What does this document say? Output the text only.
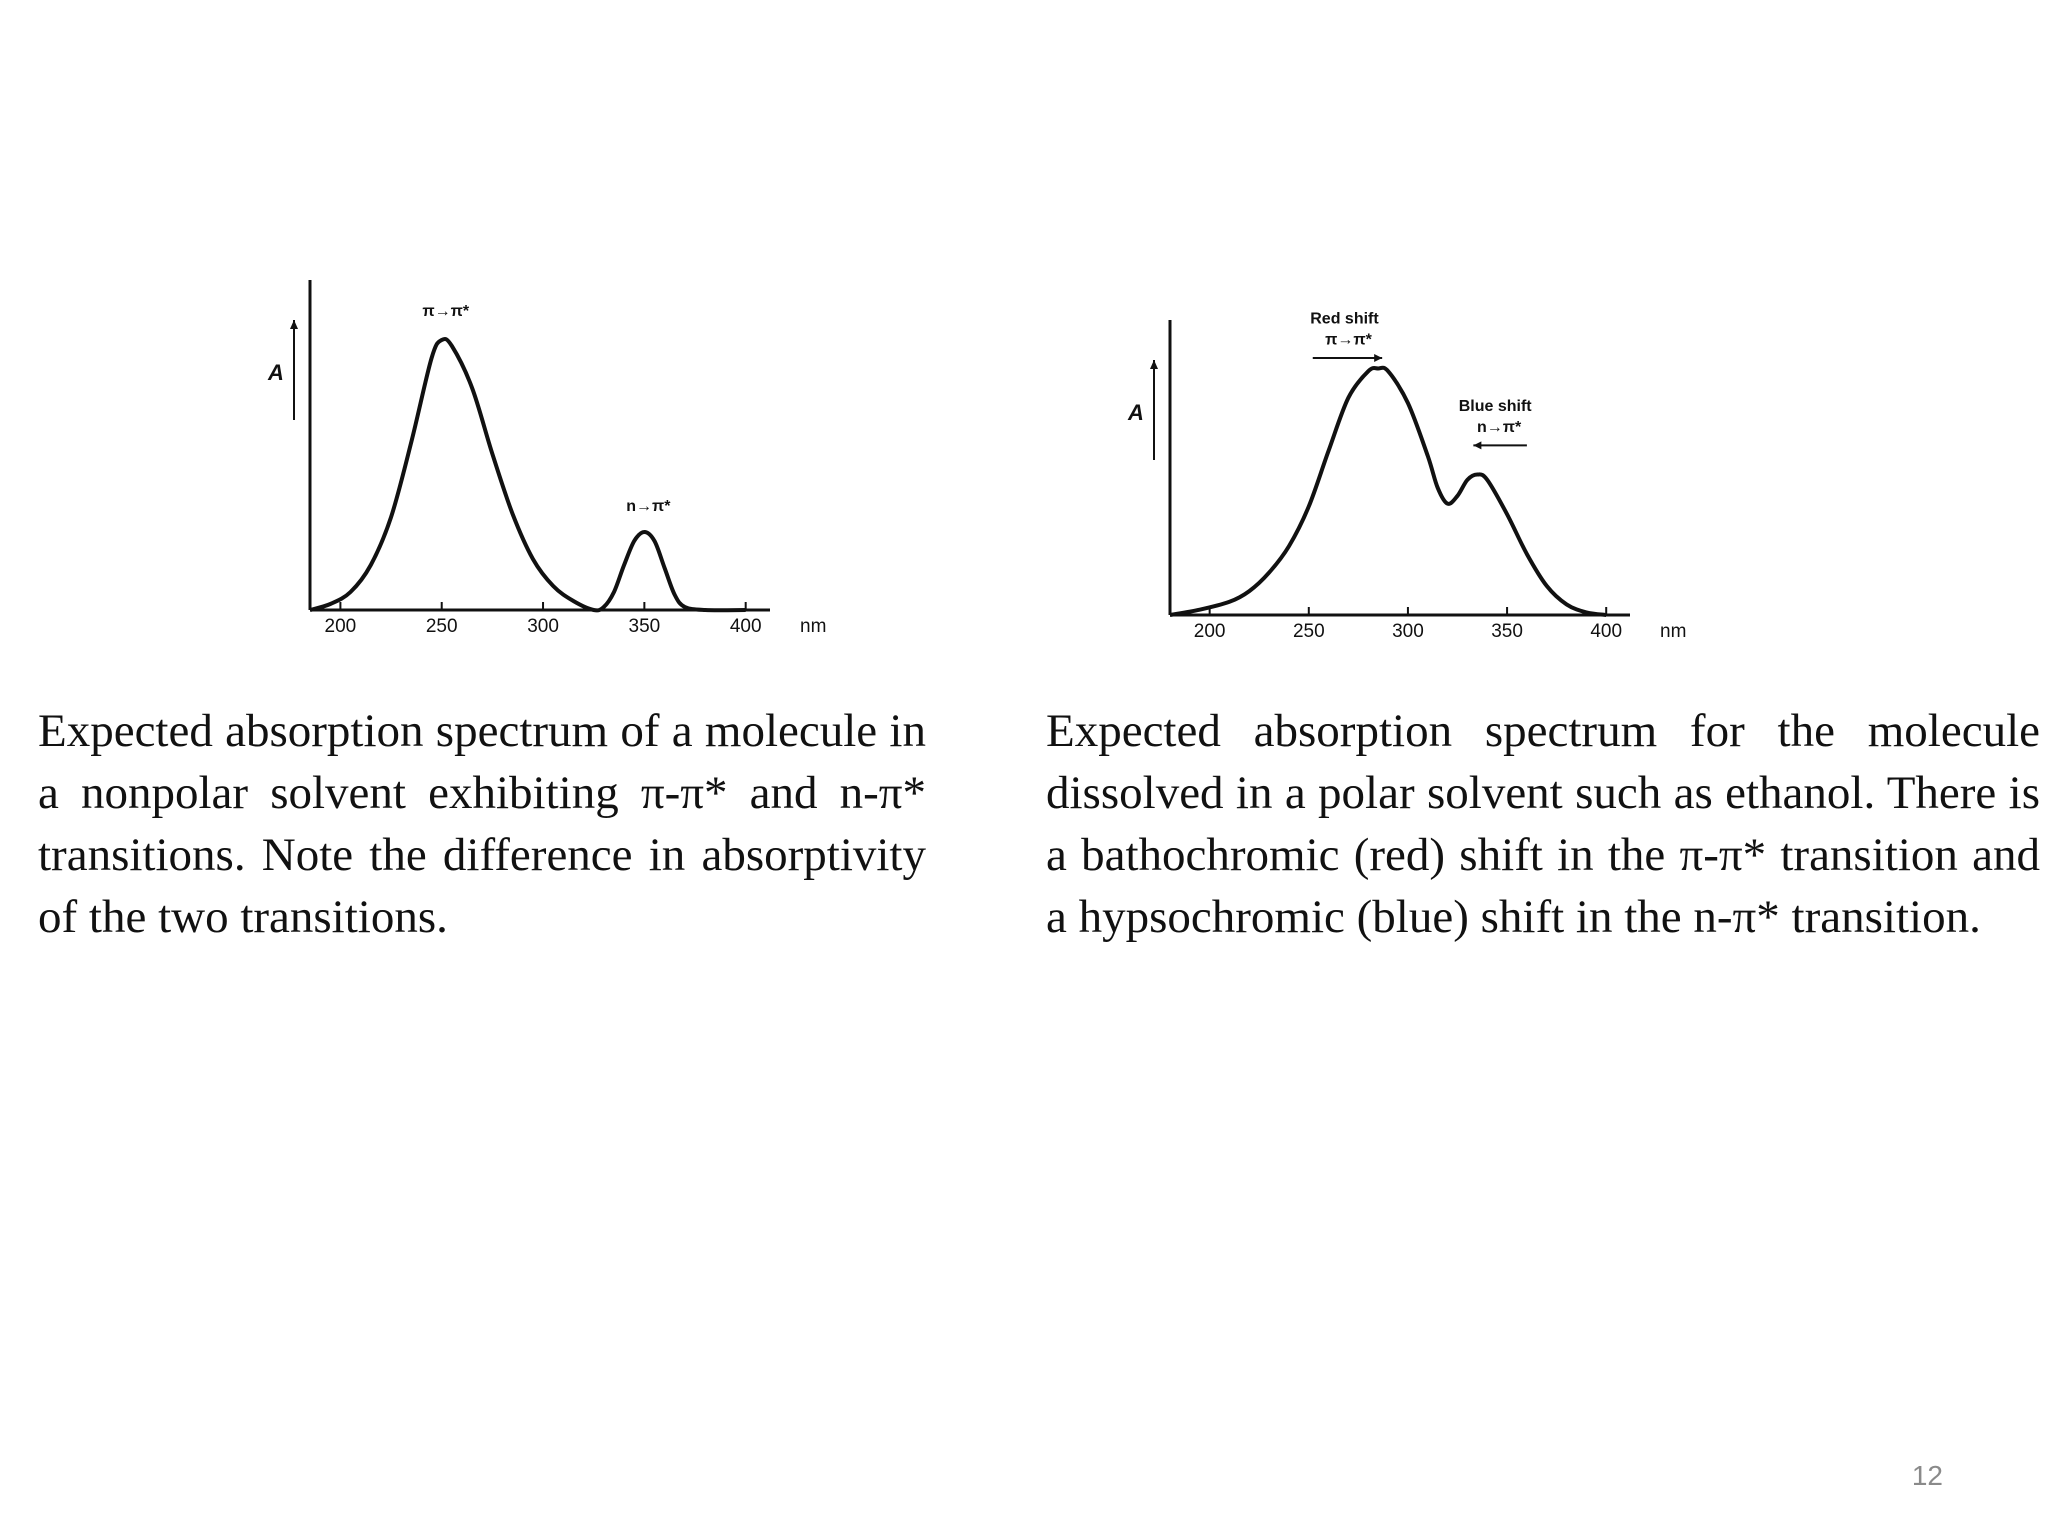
200	250	300	350	400 nm
A
π→π*
n→π*
200	250	300	350	400 nm
A
Red shift
π→π*
Blue shift
n→π*

Expected absorption spectrum of a molecule in a nonpolar solvent exhibiting π-π* and n-π* transitions. Note the difference in absorptivity of the two transitions.

Expected absorption spectrum for the molecule dissolved in a polar solvent such as ethanol. There is a bathochromic (red) shift in the π-π* transition and a hypsochromic (blue) shift in the n-π* transition.

12
